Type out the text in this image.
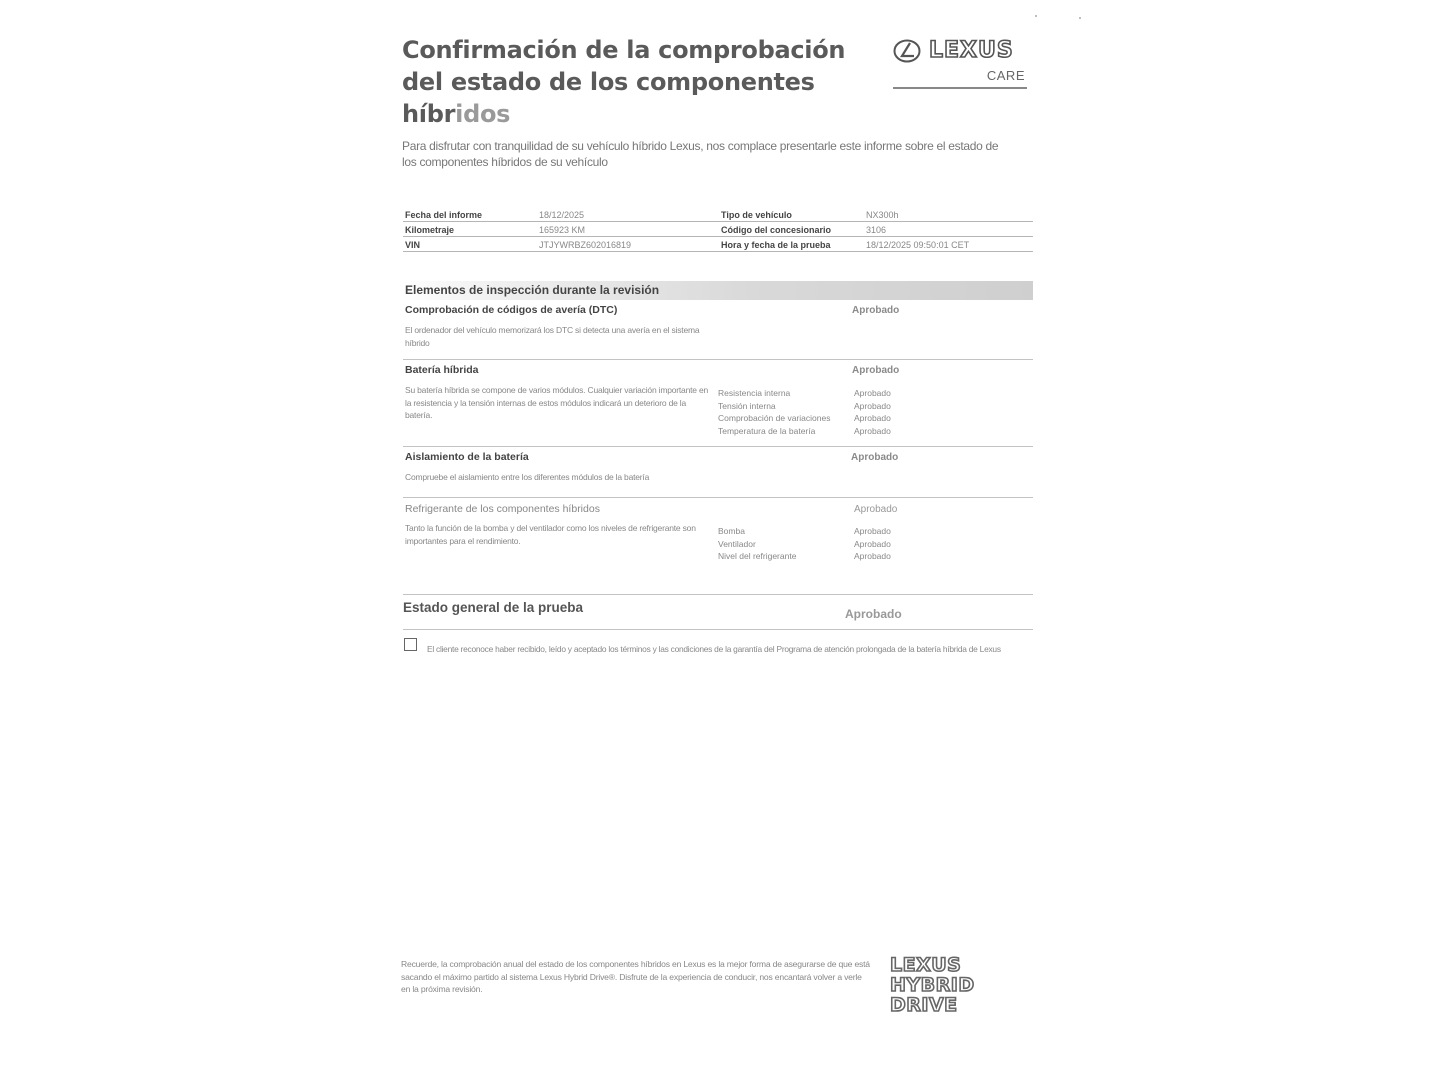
Confirmación de la comprobación
del estado de los componentes híbridos
LEXUS
CARE

Para disfrutar con tranquilidad de su vehículo híbrido Lexus, nos complace presentarle este informe sobre el estado de los componentes híbridos de su vehículo

Fecha del informe	18/12/2025	Tipo de vehículo	NX300h
Kilometraje	165923 KM	Código del concesionario	3106
VIN	JTJYWRBZ602016819	Hora y fecha de la prueba	18/12/2025 09:50:01 CET
Elementos de inspección durante la revisión
Comprobación de códigos de avería (DTC)	Aprobado
El ordenador del vehículo memorizará los DTC si detecta una avería en el sistema híbrido
Batería híbrida	Aprobado
Su batería híbrida se compone de varios módulos. Cualquier variación importante en la resistencia y la tensión internas de estos módulos indicará un deterioro de la batería.
Resistencia interna	Aprobado
Tensión interna	Aprobado
Comprobación de variaciones	Aprobado
Temperatura de la batería	Aprobado
Aislamiento de la batería	Aprobado
Compruebe el aislamiento entre los diferentes módulos de la batería
Refrigerante de los componentes híbridos	Aprobado
Tanto la función de la bomba y del ventilador como los niveles de refrigerante son importantes para el rendimiento.
Bomba	Aprobado
Ventilador	Aprobado
Nivel del refrigerante	Aprobado
Estado general de la prueba	Aprobado
El cliente reconoce haber recibido, leído y aceptado los términos y las condiciones de la garantía del Programa de atención prolongada de la batería híbrida de Lexus

Recuerde, la comprobación anual del estado de los componentes híbridos en Lexus es la mejor forma de asegurarse de que está sacando el máximo partido al sistema Lexus Hybrid Drive®. Disfrute de la experiencia de conducir, nos encantará volver a verle en la próxima revisión.

LEXUS
HYBRID
DRIVE
